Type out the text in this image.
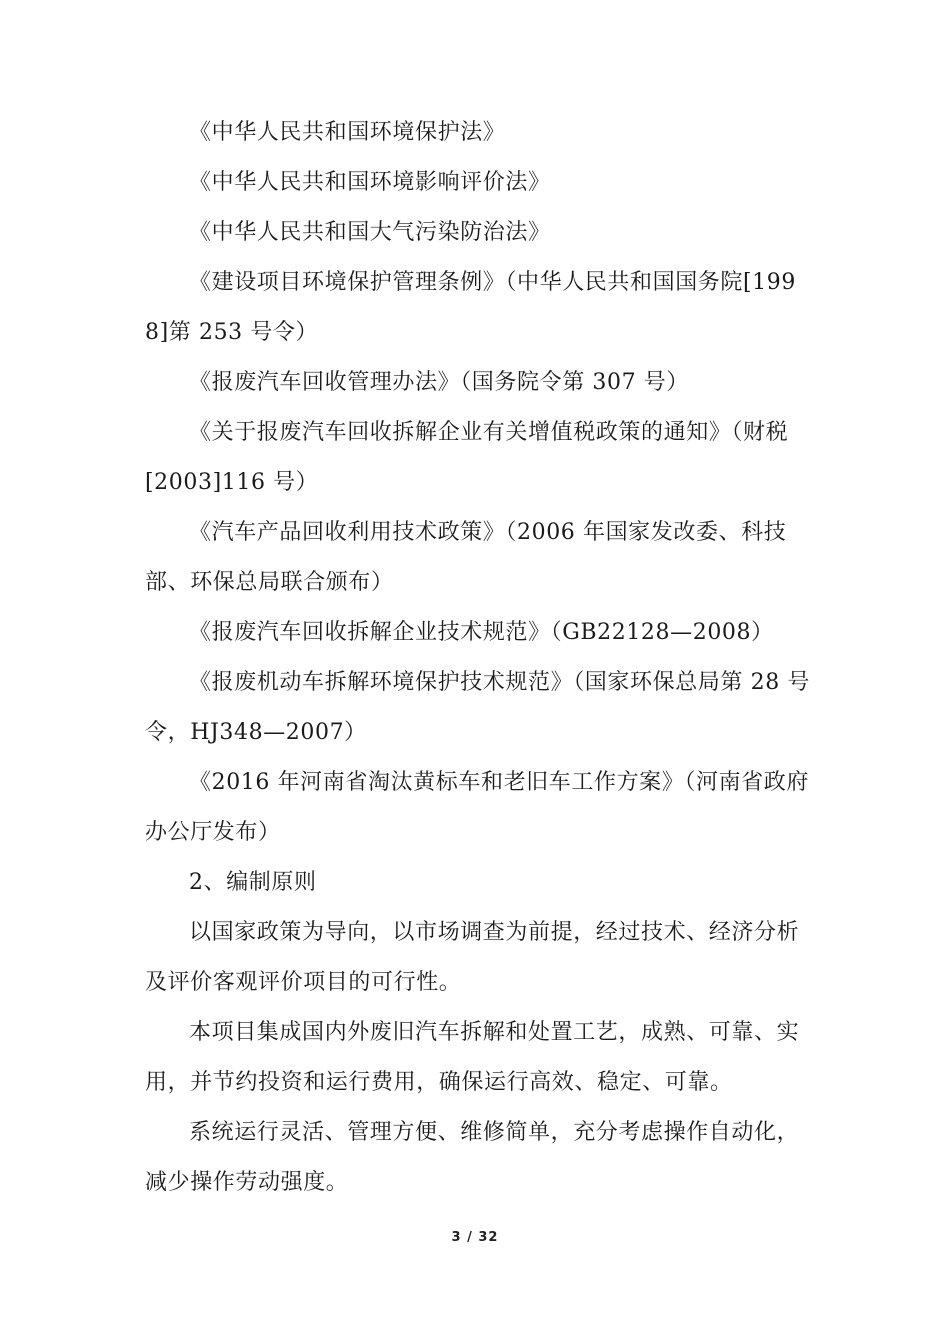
《中华人民共和国环境保护法》

《中华人民共和国环境影响评价法》

《中华人民共和国大气污染防治法》

《建设项目环境保护管理条例》（中华人民共和国国务院[1998]第 253 号令）

《报废汽车回收管理办法》（国务院令第 307 号）

《关于报废汽车回收拆解企业有关增值税政策的通知》（财税[2003]116 号）

《汽车产品回收利用技术政策》（2006 年国家发改委、科技部、环保总局联合颁布）

《报废汽车回收拆解企业技术规范》（GB22128—2008）

《报废机动车拆解环境保护技术规范》（国家环保总局第 28 号令，HJ348—2007）

《2016 年河南省淘汰黄标车和老旧车工作方案》（河南省政府办公厅发布）

2、编制原则

以国家政策为导向，以市场调查为前提，经过技术、经济分析及评价客观评价项目的可行性。

本项目集成国内外废旧汽车拆解和处置工艺，成熟、可靠、实用，并节约投资和运行费用，确保运行高效、稳定、可靠。

系统运行灵活、管理方便、维修简单，充分考虑操作自动化，减少操作劳动强度。

3 / 32
